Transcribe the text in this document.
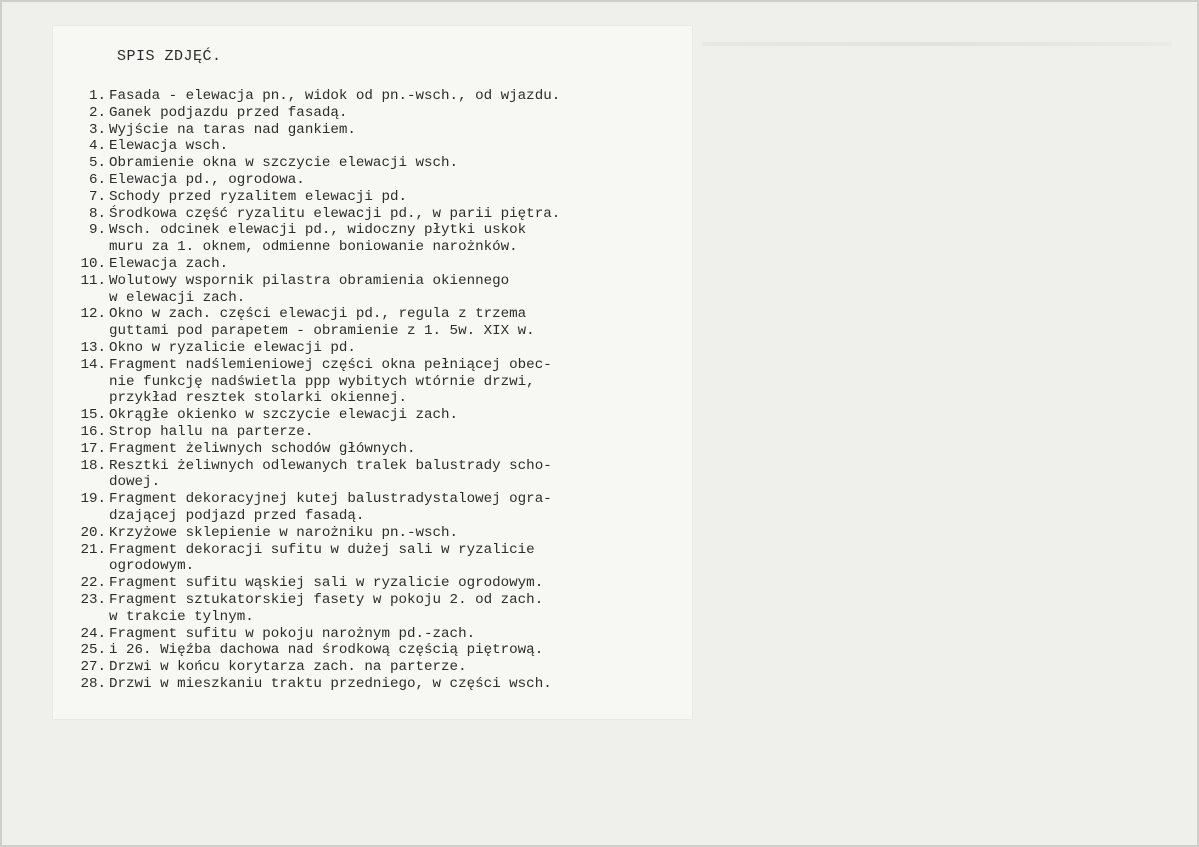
SPIS ZDJĘĆ.
1. Fasada - elewacja pn., widok od pn.-wsch., od wjazdu.
2. Ganek podjazdu przed fasadą.
3. Wyjście na taras nad gankiem.
4. Elewacja wsch.
5. Obramienie okna w szczycie elewacji wsch.
6. Elewacja pd., ogrodowa.
7. Schody przed ryzalitem elewacji pd.
8. Środkowa część ryzalitu elewacji pd., w parii piętra.
9. Wsch. odcinek elewacji pd., widoczny płytki uskok
muru za 1. oknem, odmienne boniowanie narożnków.
10. Elewacja zach.
11. Wolutowy wspornik pilastra obramienia okiennego
w elewacji zach.
12. Okno w zach. części elewacji pd., regula z trzema
guttami pod parapetem - obramienie z 1. 5w. XIX w.
13. Okno w ryzalicie elewacji pd.
14. Fragment nadślemieniowej części okna pełniącej obec-
nie funkcję nadświetla ppp wybitych wtórnie drzwi,
przykład resztek stolarki okiennej.
15. Okrągłe okienko w szczycie elewacji zach.
16. Strop hallu na parterze.
17. Fragment żeliwnych schodów głównych.
18. Resztki żeliwnych odlewanych tralek balustrady scho-
dowej.
19. Fragment dekoracyjnej kutej balustradystalowej ogra-
dzającej podjazd przed fasadą.
20. Krzyżowe sklepienie w narożniku pn.-wsch.
21. Fragment dekoracji sufitu w dużej sali w ryzalicie
ogrodowym.
22. Fragment sufitu wąskiej sali w ryzalicie ogrodowym.
23. Fragment sztukatorskiej fasety w pokoju 2. od zach.
w trakcie tylnym.
24. Fragment sufitu w pokoju narożnym pd.-zach.
25. i 26. Więźba dachowa nad środkową częścią piętrową.
27. Drzwi w końcu korytarza zach. na parterze.
28. Drzwi w mieszkaniu traktu przedniego, w części wsch.
